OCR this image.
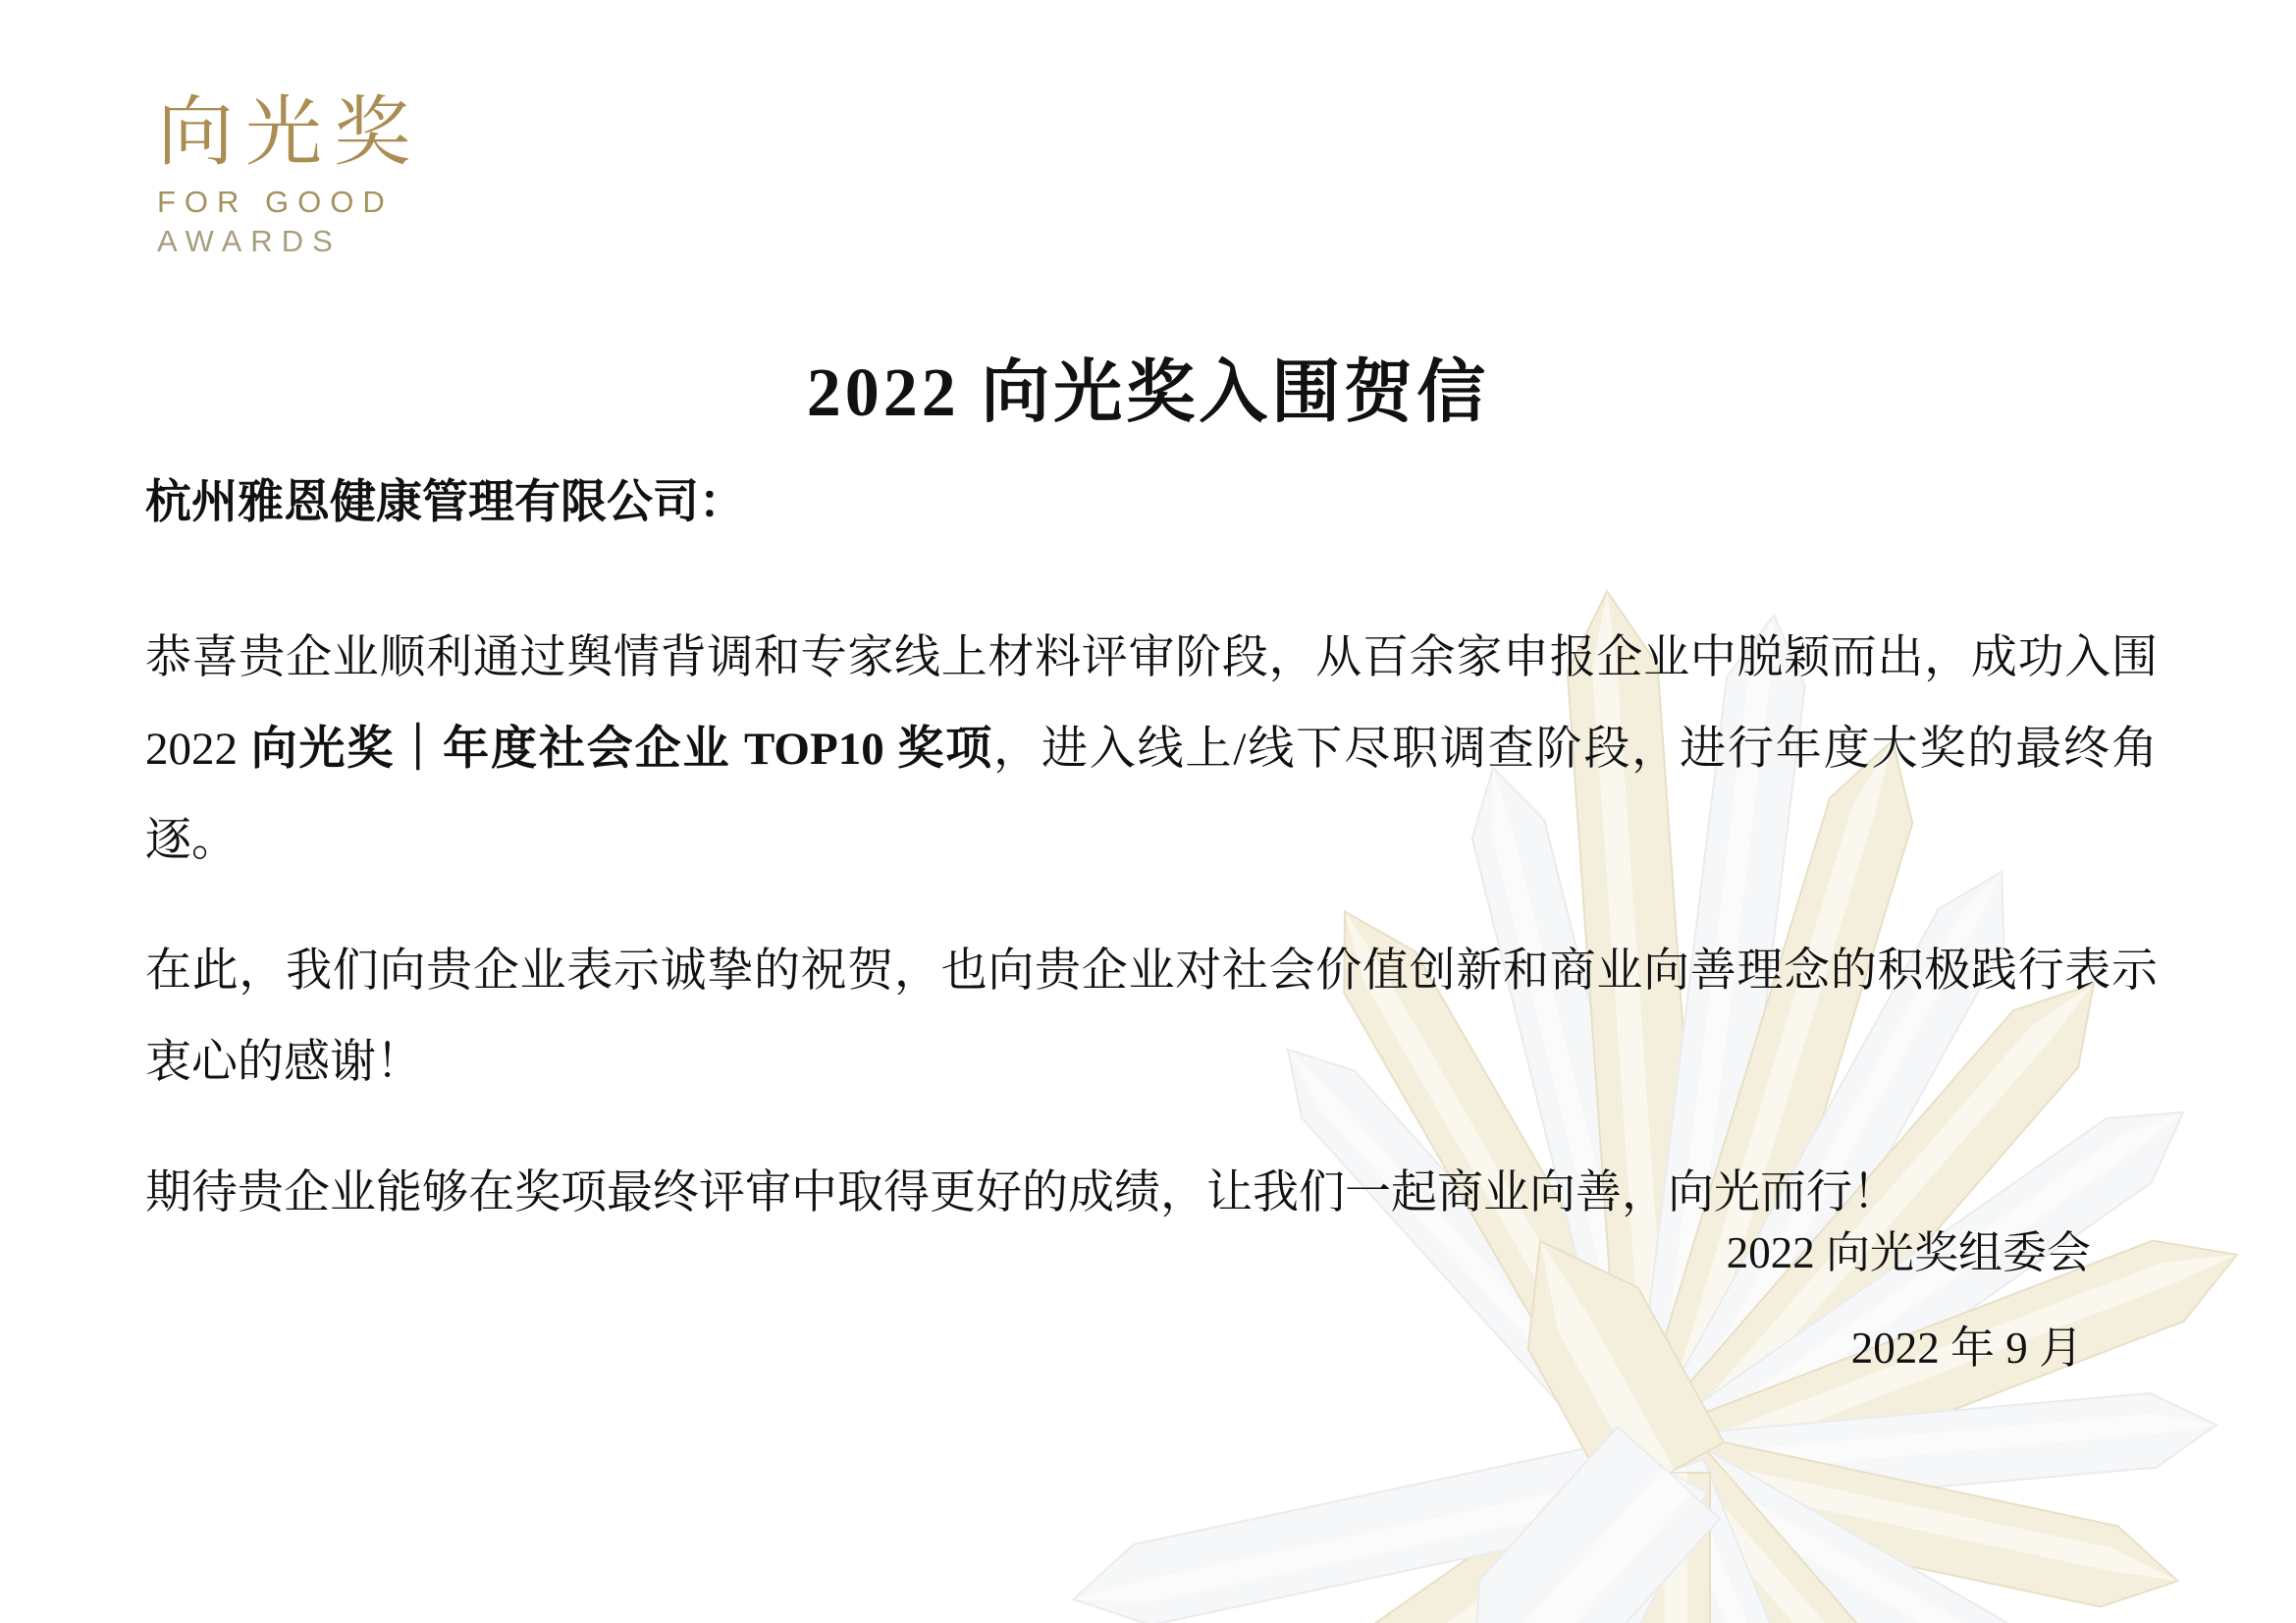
向光奖
FOR GOOD
AWARDS
2022 向光奖入围贺信

杭州雅恩健康管理有限公司：

恭喜贵企业顺利通过舆情背调和专家线上材料评审阶段，从百余家申报企业中脱颖而出，成功入围 2022 向光奖｜年度社会企业 TOP10 奖项，进入线上/线下尽职调查阶段，进行年度大奖的最终角逐。

在此，我们向贵企业表示诚挚的祝贺，也向贵企业对社会价值创新和商业向善理念的积极践行表示衷心的感谢！

期待贵企业能够在奖项最终评审中取得更好的成绩，让我们一起商业向善，向光而行！

2022 向光奖组委会
2022 年 9 月
